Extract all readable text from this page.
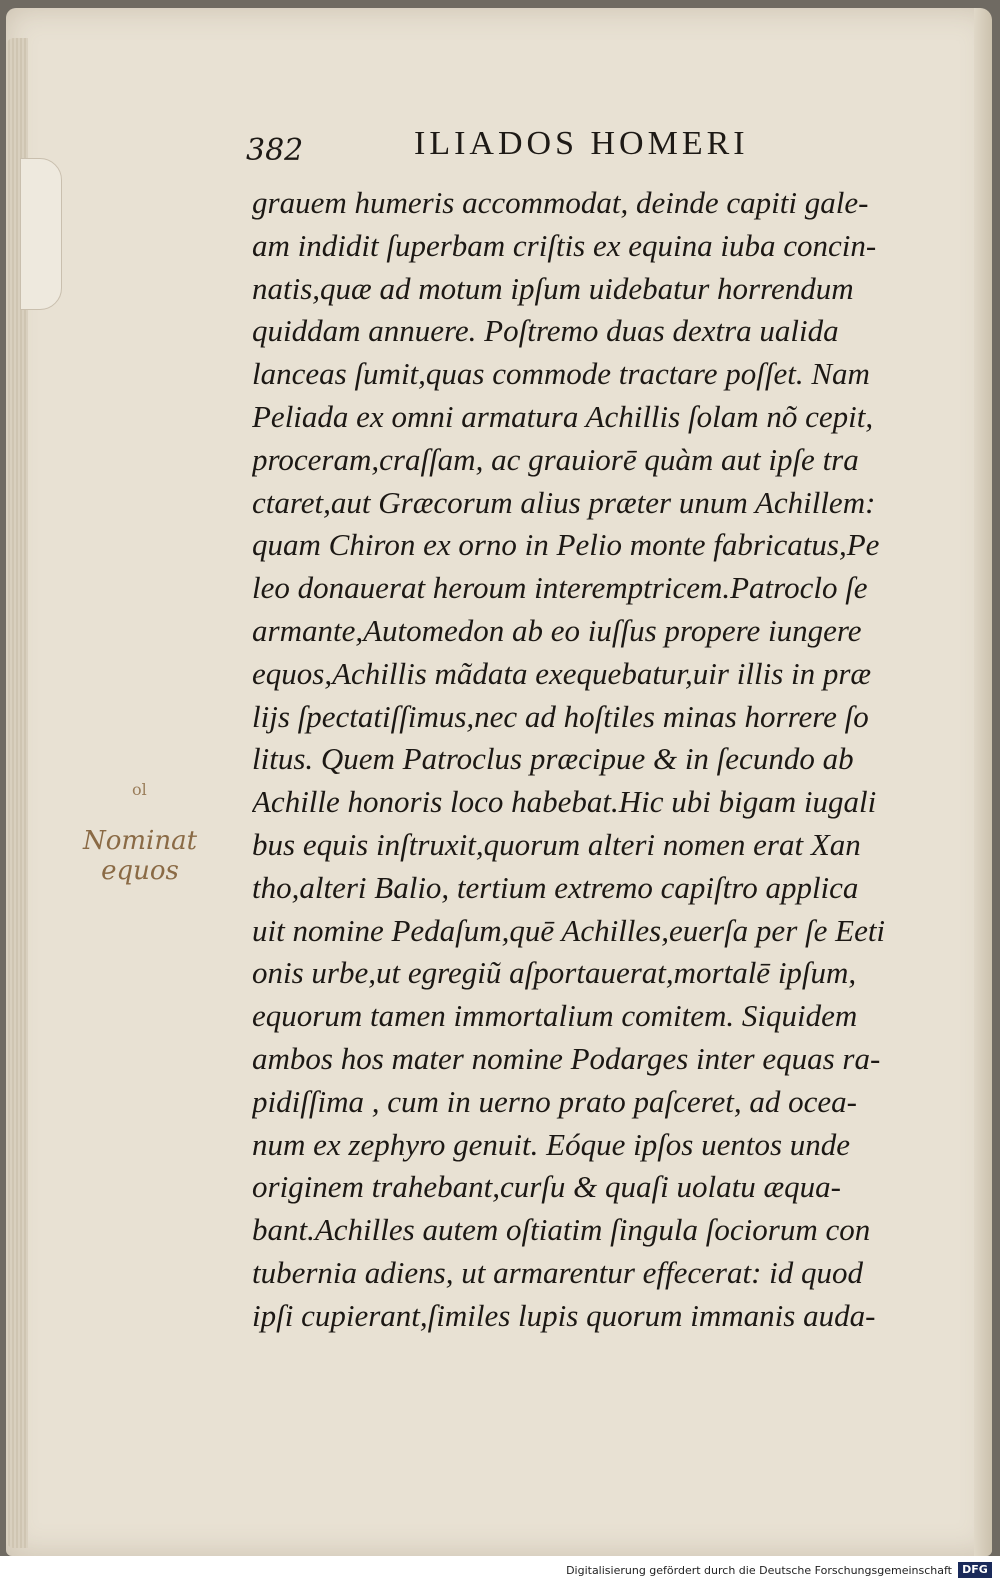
382	ILIADOS HOMERI
grauem humeris accommodat, deinde capiti gale-
am indidit ſuperbam criſtis ex equina iuba concin-
natis,quæ ad motum ipſum uidebatur horrendum
quiddam annuere. Poſtremo duas dextra ualida
lanceas ſumit,quas commode tractare poſſet. Nam
Peliada ex omni armatura Achillis ſolam nõ cepit,
proceram,craſſam, ac grauiorē quàm aut ipſe tra
ctaret,aut Græcorum alius præter unum Achillem:
quam Chiron ex orno in Pelio monte fabricatus,Pe
leo donauerat heroum interemptricem.Patroclo ſe
armante,Automedon ab eo iuſſus propere iungere
equos,Achillis mãdata exequebatur,uir illis in præ
lijs ſpectatiſſimus,nec ad hoſtiles minas horrere ſo
litus. Quem Patroclus præcipue & in ſecundo ab
Achille honoris loco habebat.Hic ubi bigam iugali
bus equis inſtruxit,quorum alteri nomen erat Xan
tho,alteri Balio, tertium extremo capiſtro applica
uit nomine Pedaſum,quē Achilles,euerſa per ſe Eeti
onis urbe,ut egregiũ aſportauerat,mortalē ipſum,
equorum tamen immortalium comitem. Siquidem
ambos hos mater nomine Podarges inter equas ra-
pidiſſima , cum in uerno prato paſceret, ad ocea-
num ex zephyro genuit. Eóque ipſos uentos unde
originem trahebant,curſu & quaſi uolatu æqua-
bant.Achilles autem oſtiatim ſingula ſociorum con
tubernia adiens, ut armarentur effecerat: id quod
ipſi cupierant,ſimiles lupis quorum immanis auda-
ol
Nominat
equos
Digitalisierung gefördert durch die Deutsche Forschungsgemeinschaft DFG
